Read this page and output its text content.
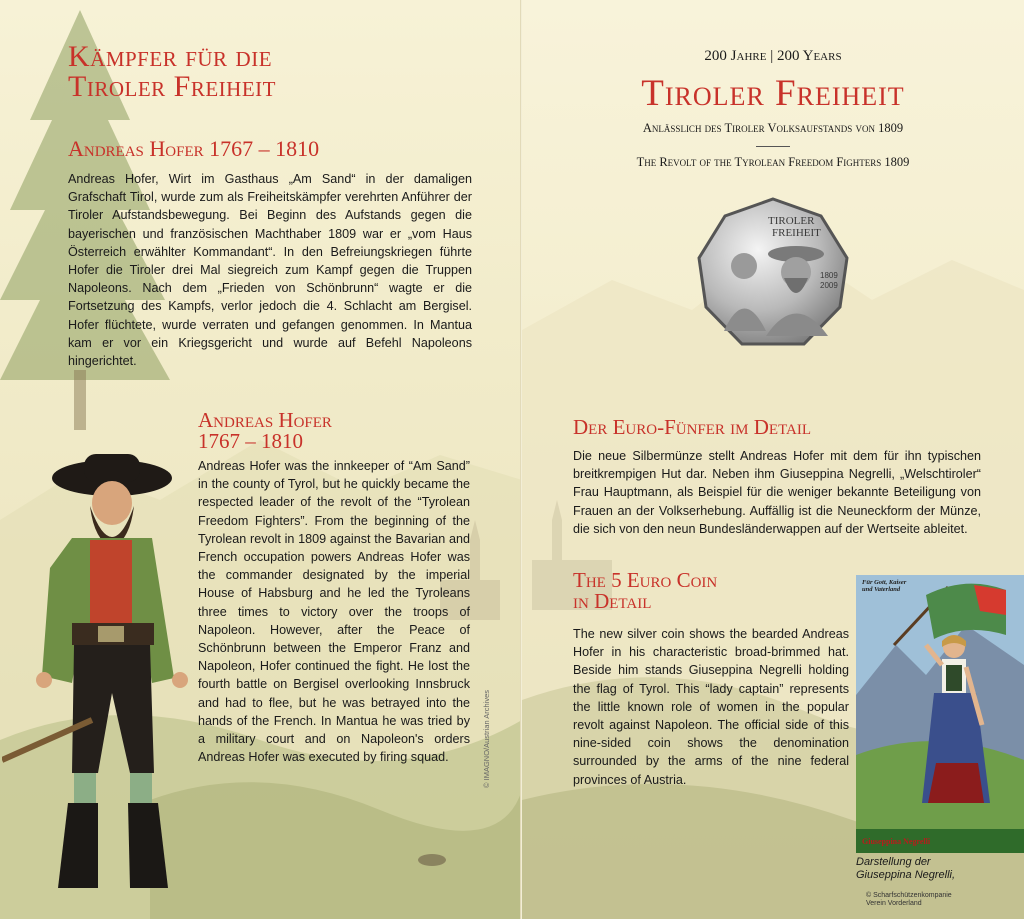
Kämpfer für die
Tiroler Freiheit
Andreas Hofer 1767 – 1810

Andreas Hofer, Wirt im Gasthaus „Am Sand“ in der damaligen Grafschaft Tirol, wurde zum als Freiheitskämpfer verehrten Anführer der Tiroler Aufstandsbewegung. Bei Beginn des Aufstands gegen die bayerischen und französischen Machthaber 1809 war er „vom Haus Österreich erwählter Kommandant“. In den Befreiungskriegen führte Hofer die Tiroler drei Mal siegreich zum Kampf gegen die Truppen Napoleons. Nach dem „Frieden von Schönbrunn“ wagte er die Fortsetzung des Kampfs, verlor jedoch die 4. Schlacht am Bergisel. Hofer flüchtete, wurde verraten und gefangen genommen. In Mantua kam er vor ein Kriegsgericht und wurde auf Befehl Napoleons hingerichtet.

Andreas Hofer
1767 – 1810

Andreas Hofer was the innkeeper of “Am Sand” in the county of Tyrol, but he quickly became the respected leader of the revolt of the “Tyrolean Freedom Fighters”. From the beginning of the Tyrolean revolt in 1809 against the Bavarian and French occupation powers Andreas Hofer was the commander designated by the imperial House of Habsburg and he led the Tyroleans three times to victory over the troops of Napoleon. However, after the Peace of Schönbrunn between the Emperor Franz and Napoleon, Hofer continued the fight. He lost the fourth battle on Bergisel overlooking Innsbruck and had to flee, but he was betrayed into the hands of the French. In Mantua he was tried by a military court and on Napoleon's orders Andreas Hofer was executed by firing squad.	© IMAGNO/Austrian Archives

200 Jahre | 200 Years

Tiroler Freiheit

Anlässlich des Tiroler Volksaufstands von 1809

The Revolt of the Tyrolean Freedom Fighters 1809

TIROLER
FREIHEIT
1809
2009
Der Euro-Fünfer im Detail

Die neue Silbermünze stellt Andreas Hofer mit dem für ihn typischen breitkrempigen Hut dar. Neben ihm Giuseppina Negrelli, „Welschtiroler“ Frau Hauptmann, als Beispiel für die weniger bekannte Beteiligung von Frauen an der Volkserhebung. Auffällig ist die Neuneckform der Münze, die sich von den neun Bundesländerwappen auf der Wertseite ableitet.

The 5 Euro Coin
in Detail

The new silver coin shows the bearded Andreas Hofer in his characteristic broad-brimmed hat. Beside him stands Giuseppina Negrelli holding the flag of Tyrol. This “lady captain” represents the little known role of women in the popular revolt against Napoleon. The official side of this nine-sided coin shows the denomination surrounded by the arms of the nine federal provinces of Austria.

Für Gott, Kaiser
und Vaterland
Giuseppina Negrelli

Darstellung der
Giuseppina Negrelli,

© Scharfschützenkompanie
Verein Vorderland
